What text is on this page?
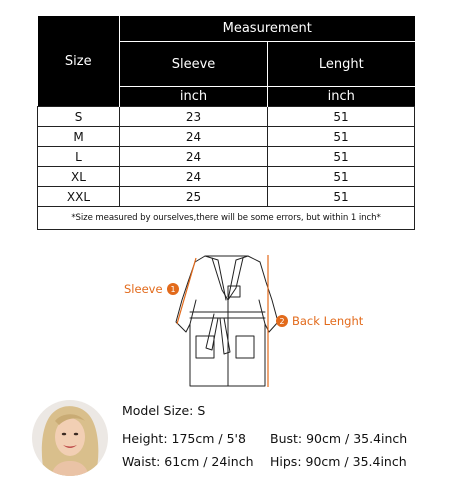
Size	Measurement	
	Sleeve	Lenght
	inch	inch
S	23	51
M	24	51
L	24	51
XL	24	51
XXL	25	51
*Size measured by ourselves,there will be some errors, but within 1 inch*		
Sleeve
Back Lenght
1
2
Model Size: S
Height: 175cm / 5'8 Bust: 90cm / 35.4inch
Waist: 61cm / 24inch Hips: 90cm / 35.4inch
